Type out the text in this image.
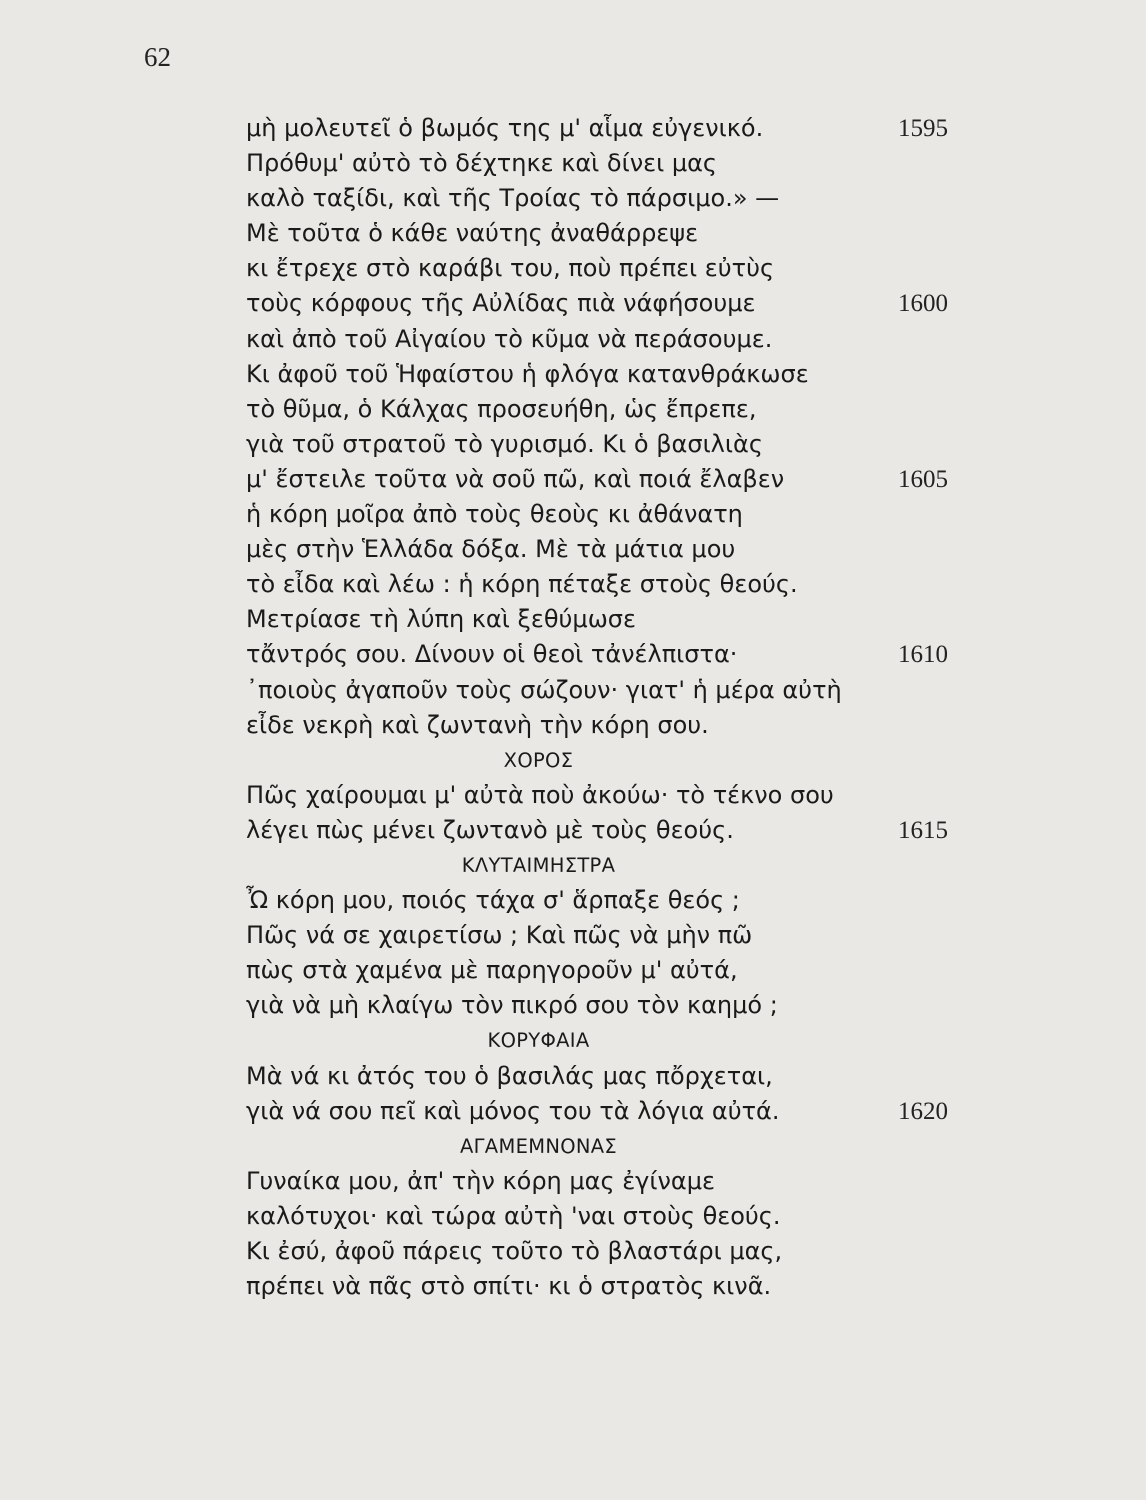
62
μὴ μολευτεῖ ὁ βωμός της μ' αἷμα εὐγενικό.	1595
Πρόθυμ' αὐτὸ τὸ δέχτηκε καὶ δίνει μας
καλὸ ταξίδι, καὶ τῆς Τροίας τὸ πάρσιμο.» —
Μὲ τοῦτα ὁ κάθε ναύτης ἀναθάρρεψε
κι ἔτρεχε στὸ καράβι του, ποὺ πρέπει εὐτὺς
τοὺς κόρφους τῆς Αὐλίδας πιὰ νάφήσουμε	1600
καὶ ἀπὸ τοῦ Αἰγαίου τὸ κῦμα νὰ περάσουμε.
Κι ἀφοῦ τοῦ Ἡφαίστου ἡ φλόγα κατανθράκωσε
τὸ θῦμα, ὁ Κάλχας προσευήθη, ὡς ἔπρεπε,
γιὰ τοῦ στρατοῦ τὸ γυρισμό. Κι ὁ βασιλιὰς
μ' ἔστειλε τοῦτα νὰ σοῦ πῶ, καὶ ποιά ἔλαβεν	1605
ἡ κόρη μοῖρα ἀπὸ τοὺς θεοὺς κι ἀθάνατη
μὲς στὴν Ἑλλάδα δόξα. Μὲ τὰ μάτια μου
τὸ εἶδα καὶ λέω : ἡ κόρη πέταξε στοὺς θεούς.
Μετρίασε τὴ λύπη καὶ ξεθύμωσε
τἄντρός σου. Δίνουν οἱ θεοὶ τἀνέλπιστα·	1610
᾽ποιοὺς ἀγαποῦν τοὺς σώζουν· γιατ' ἡ μέρα αὐτὴ
εἶδε νεκρὴ καὶ ζωντανὴ τὴν κόρη σου.
ΧΟΡΟΣ
Πῶς χαίρουμαι μ' αὐτὰ ποὺ ἀκούω· τὸ τέκνο σου
λέγει πὼς μένει ζωντανὸ μὲ τοὺς θεούς.	1615
ΚΛΥΤΑΙΜΗΣΤΡΑ
Ὦ κόρη μου, ποιός τάχα σ' ἅρπαξε θεός ;
Πῶς νά σε χαιρετίσω ; Καὶ πῶς νὰ μὴν πῶ
πὼς στὰ χαμένα μὲ παρηγοροῦν μ' αὐτά,
γιὰ νὰ μὴ κλαίγω τὸν πικρό σου τὸν καημό ;
ΚΟΡΥΦΑΙΑ
Μὰ νά κι ἀτός του ὁ βασιλάς μας πὄρχεται,
γιὰ νά σου πεῖ καὶ μόνος του τὰ λόγια αὐτά.	1620
ΑΓΑΜΕΜΝΟΝΑΣ
Γυναίκα μου, ἀπ' τὴν κόρη μας ἐγίναμε
καλότυχοι· καὶ τώρα αὐτὴ 'ναι στοὺς θεούς.
Κι ἐσύ, ἀφοῦ πάρεις τοῦτο τὸ βλαστάρι μας,
πρέπει νὰ πᾶς στὸ σπίτι· κι ὁ στρατὸς κινᾶ.
